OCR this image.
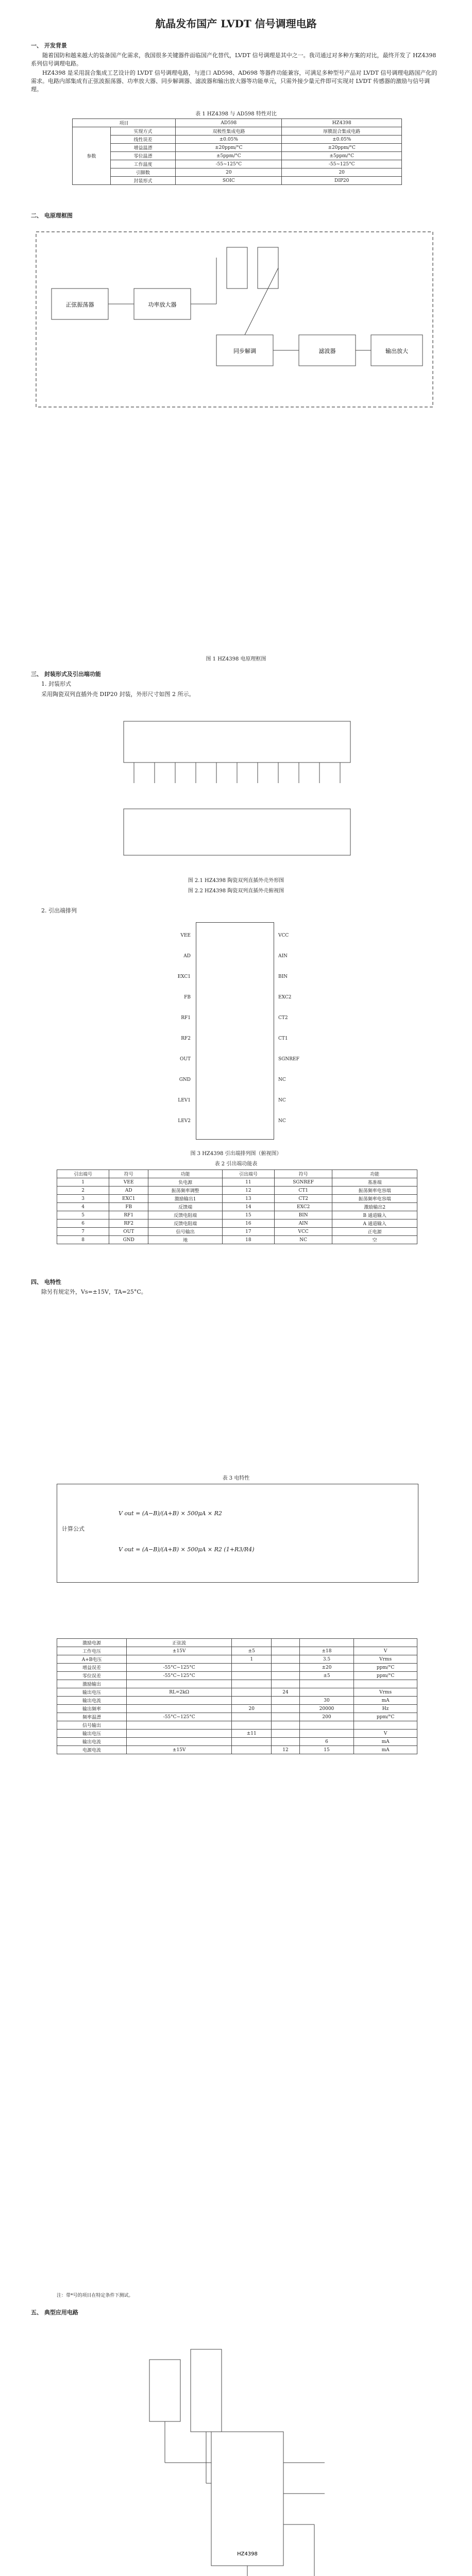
航晶发布国产 LVDT 信号调理电路
一、 开发背景
随着国防和越来越大的装备国产化需求，我国很多关键器件面临国产化替代，LVDT 信号调理是其中之一。我司通过对多种方案的对比，最终开发了 HZ4398 系列信号调理电路。
HZ4398 是采用混合集成工艺设计的 LVDT 信号调理电路，与进口 AD598、AD698 等器件功能兼容，可满足多种型号产品对 LVDT 信号调理电路国产化的需求。电路内部集成有正弦波振荡器、功率放大器、同步解调器、滤波器和输出放大器等功能单元，只需外接少量元件即可实现对 LVDT 传感器的激励与信号调理。
表 1 HZ4398 与 AD598 特性对比
项目		AD598	HZ4398
参数	实现方式	双极性集成电路	厚膜混合集成电路
	线性误差	±0.05%	±0.05%
	增益温漂	±20ppm/°C	±20ppm/°C
	零位温漂	±5ppm/°C	±5ppm/°C
	工作温度	-55~125°C	-55~125°C
	引脚数	20	20
	封装形式	SOIC	DIP20
二、 电原理框图
正弦振荡器	功率放大器
同步解调	滤波器	输出放大
图 1 HZ4398 电原理框图
三、 封装形式及引出端功能
1. 封装形式
采用陶瓷双列直插外壳 DIP20 封装，外形尺寸如图 2 所示。
图 2.1 HZ4398 陶瓷双列直插外壳外形图
图 2.2 HZ4398 陶瓷双列直插外壳俯视图
2. 引出端排列
VEE
AD
EXC1
FB
RF1
RF2
OUT
GND
LEV1
LEV2
VCC
AIN
BIN
EXC2
CT2
CT1
SGNREF
NC
NC
NC
图 3 HZ4398 引出端排列图（俯视图）
表 2 引出端功能表
引出端号	符号	功能	引出端号	符号	功能
1	VEE	负电源	11	SGNREF	基准端
2	AD	振荡频率调整	12	CT1	振荡频率电容端
3	EXC1	激励输出1	13	CT2	振荡频率电容端
4	FB	反馈端	14	EXC2	激励输出2
5	RF1	反馈电阻端	15	BIN	B 通道输入
6	RF2	反馈电阻端	16	AIN	A 通道输入
7	OUT	信号输出	17	VCC	正电源
8	GND	地	18	NC	空
四、 电特性
除另有规定外，Vs=±15V，TA=25°C。
表 3 电特性
计算公式
V out = (A−B)/(A+B) × 500μA × R2
V out = (A−B)/(A+B) × 500μA × R2 (1+R3/R4)
激励电源	正弦波				
工作电压	±15V	±5		±18	V
A+B电压		1		3.5	Vrms
增益误差	-55°C~125°C			±20	ppm/°C
零位误差	-55°C~125°C			±5	ppm/°C
激励输出					
输出电压	RL=2kΩ		24		Vrms
输出电流				30	mA
输出频率		20		20000	Hz
频率温漂	-55°C~125°C			200	ppm/°C
信号输出					
输出电压		±11			V
输出电流				6	mA
电源电流	±15V		12	15	mA
注：带*号的项目在特定条件下测试。
五、 典型应用电路
HZ4398
